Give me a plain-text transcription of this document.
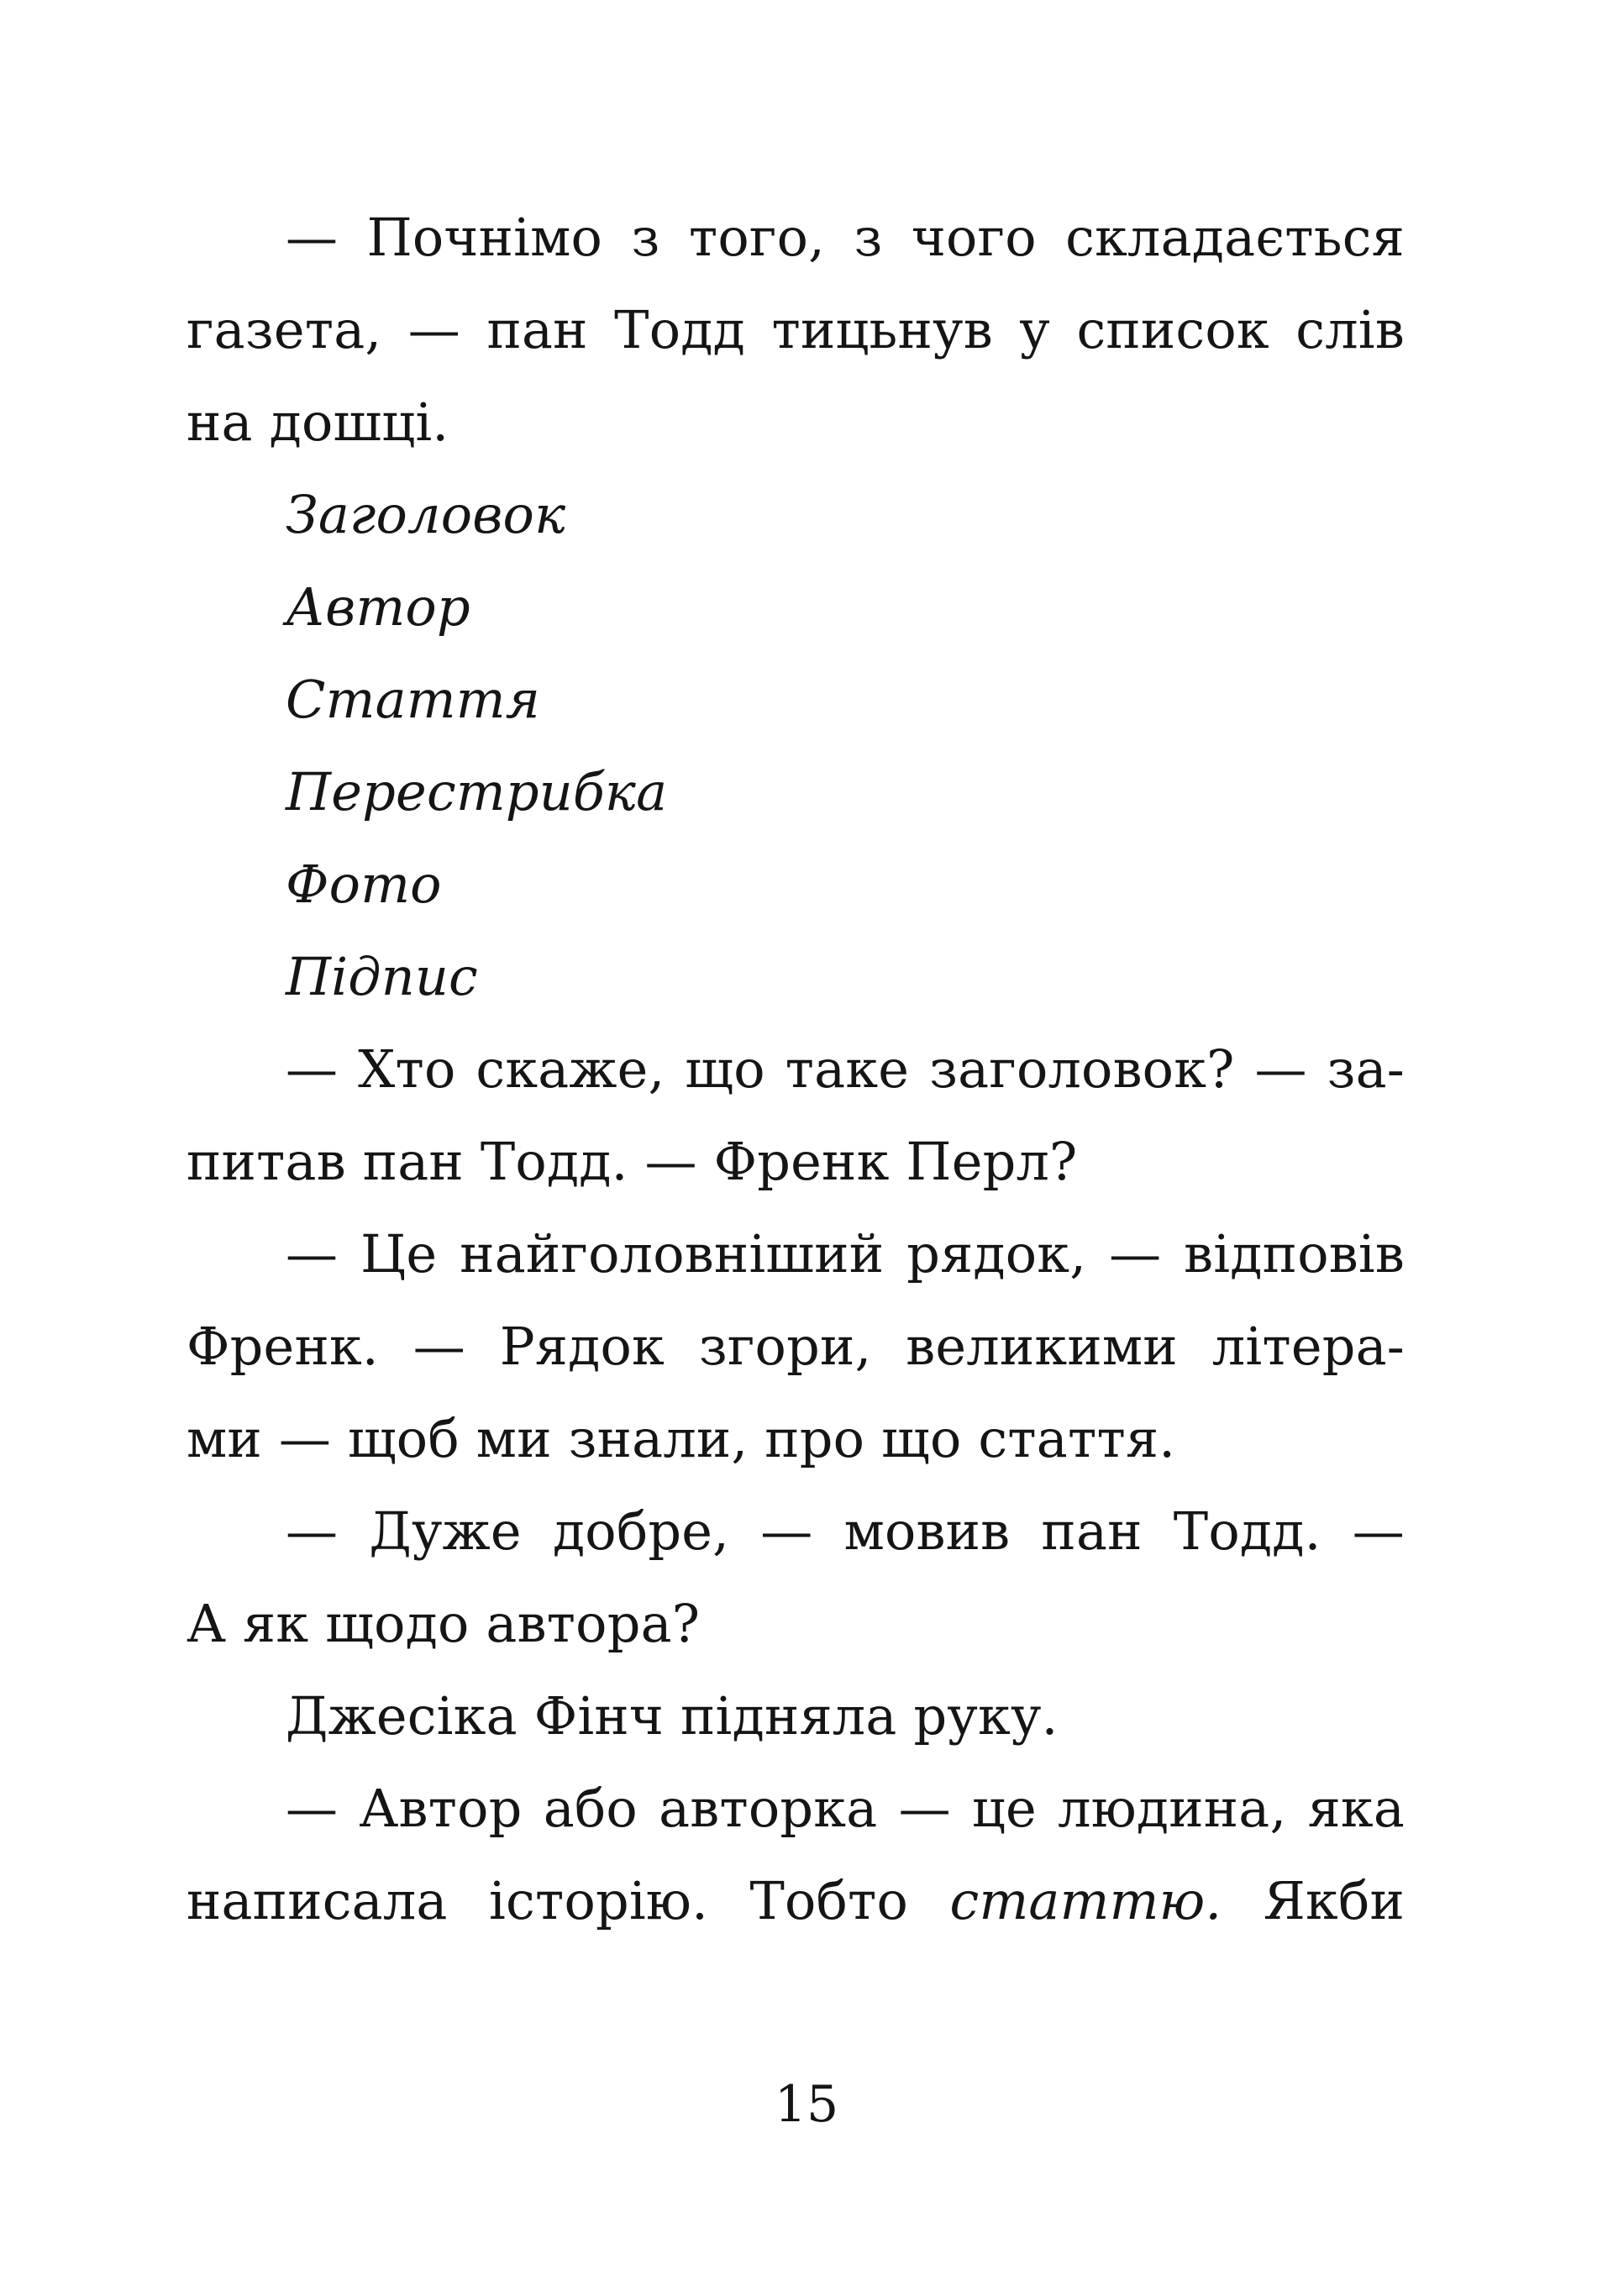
— Почнімо з того, з чого складається
газета, — пан Тодд тицьнув у список слів
на дошці.
Заголовок
Автор
Стаття
Перестрибка
Фото
Підпис
— Хто скаже, що таке заголовок? — за-
питав пан Тодд. — Френк Перл?
— Це найголовніший рядок, — відповів
Френк. — Рядок згори, великими літера-
ми — щоб ми знали, про що стаття.
— Дуже добре, — мовив пан Тодд. —
А як щодо автора?
Джесіка Фінч підняла руку.
— Автор або авторка — це людина, яка
написала історію. Тобто статтю. Якби
15
